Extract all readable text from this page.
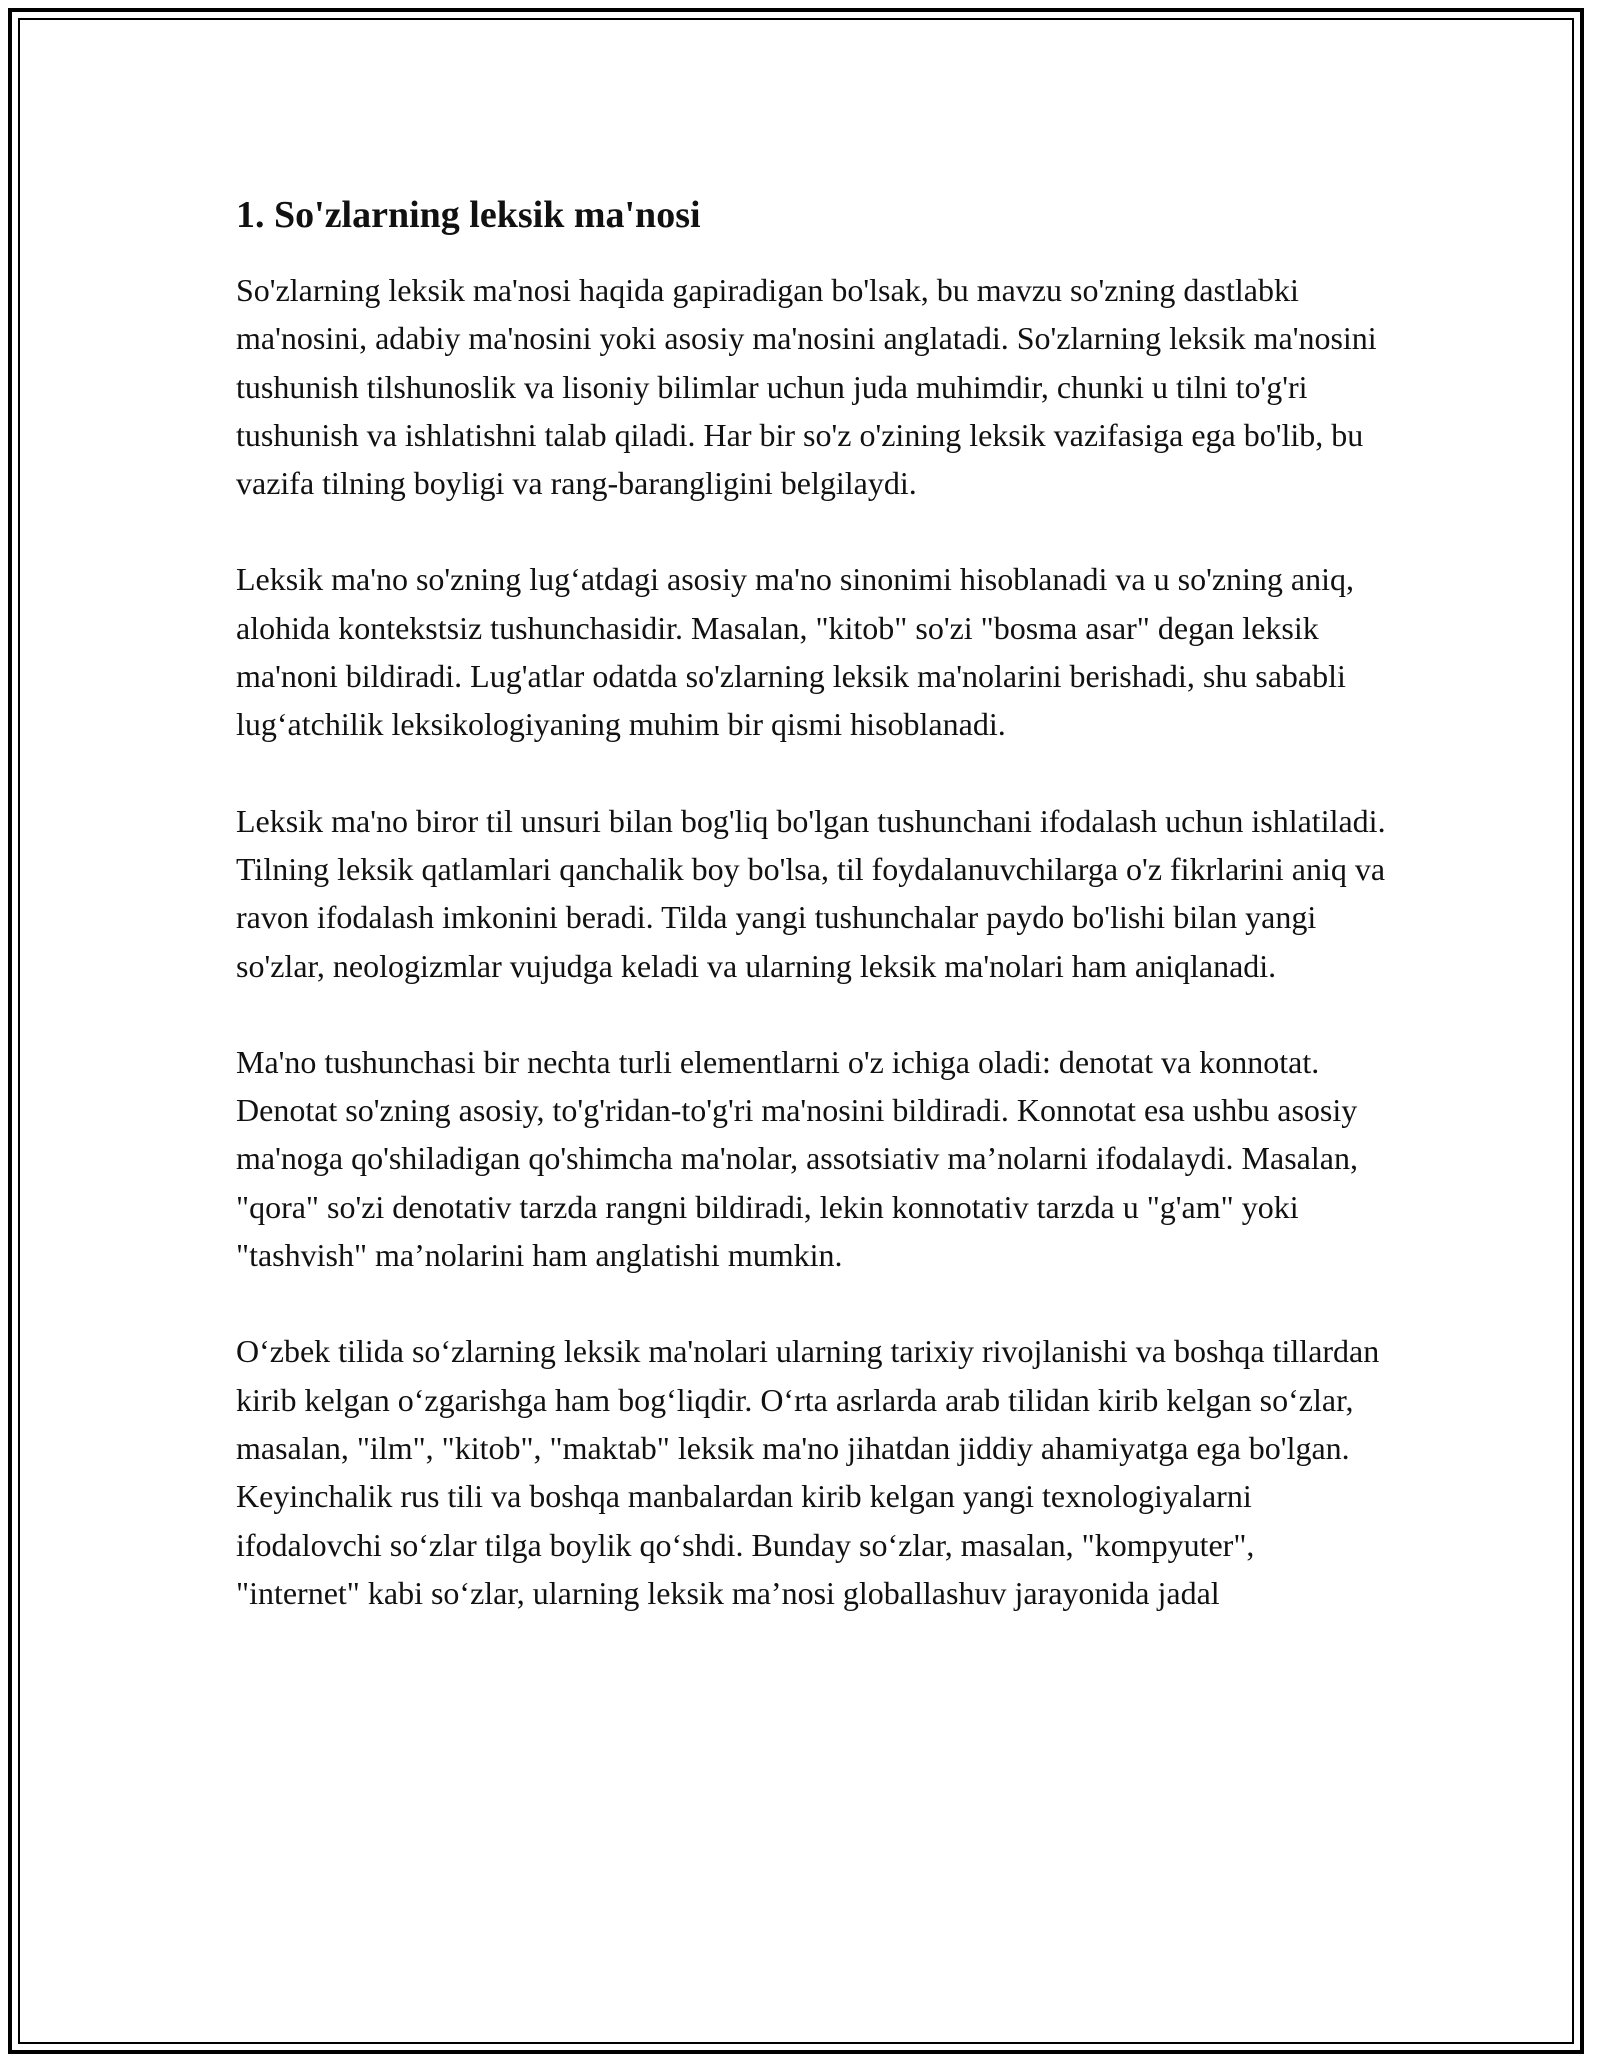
1. So'zlarning leksik ma'nosi

So'zlarning leksik ma'nosi haqida gapiradigan bo'lsak, bu mavzu so'zning dastlabki ma'nosini, adabiy ma'nosini yoki asosiy ma'nosini anglatadi. So'zlarning leksik ma'nosini tushunish tilshunoslik va lisoniy bilimlar uchun juda muhimdir, chunki u tilni to'g'ri tushunish va ishlatishni talab qiladi. Har bir so'z o'zining leksik vazifasiga ega bo'lib, bu vazifa tilning boyligi va rang-barangligini belgilaydi.

Leksik ma'no so'zning lug‘atdagi asosiy ma'no sinonimi hisoblanadi va u so'zning aniq, alohida kontekstsiz tushunchasidir. Masalan, "kitob" so'zi "bosma asar" degan leksik ma'noni bildiradi. Lug'atlar odatda so'zlarning leksik ma'nolarini berishadi, shu sababli lug‘atchilik leksikologiyaning muhim bir qismi hisoblanadi.

Leksik ma'no biror til unsuri bilan bog'liq bo'lgan tushunchani ifodalash uchun ishlatiladi. Tilning leksik qatlamlari qanchalik boy bo'lsa, til foydalanuvchilarga o'z fikrlarini aniq va ravon ifodalash imkonini beradi. Tilda yangi tushunchalar paydo bo'lishi bilan yangi so'zlar, neologizmlar vujudga keladi va ularning leksik ma'nolari ham aniqlanadi.

Ma'no tushunchasi bir nechta turli elementlarni o'z ichiga oladi: denotat va konnotat. Denotat so'zning asosiy, to'g'ridan-to'g'ri ma'nosini bildiradi. Konnotat esa ushbu asosiy ma'noga qo'shiladigan qo'shimcha ma'nolar, assotsiativ ma’nolarni ifodalaydi. Masalan, "qora" so'zi denotativ tarzda rangni bildiradi, lekin konnotativ tarzda u "g'am" yoki "tashvish" ma’nolarini ham anglatishi mumkin.

O‘zbek tilida so‘zlarning leksik ma'nolari ularning tarixiy rivojlanishi va boshqa tillardan kirib kelgan o‘zgarishga ham bog‘liqdir. O‘rta asrlarda arab tilidan kirib kelgan so‘zlar, masalan, "ilm", "kitob", "maktab" leksik ma'no jihatdan jiddiy ahamiyatga ega bo'lgan. Keyinchalik rus tili va boshqa manbalardan kirib kelgan yangi texnologiyalarni ifodalovchi so‘zlar tilga boylik qo‘shdi. Bunday so‘zlar, masalan, "kompyuter", "internet" kabi so‘zlar, ularning leksik ma’nosi globallashuv jarayonida jadal
